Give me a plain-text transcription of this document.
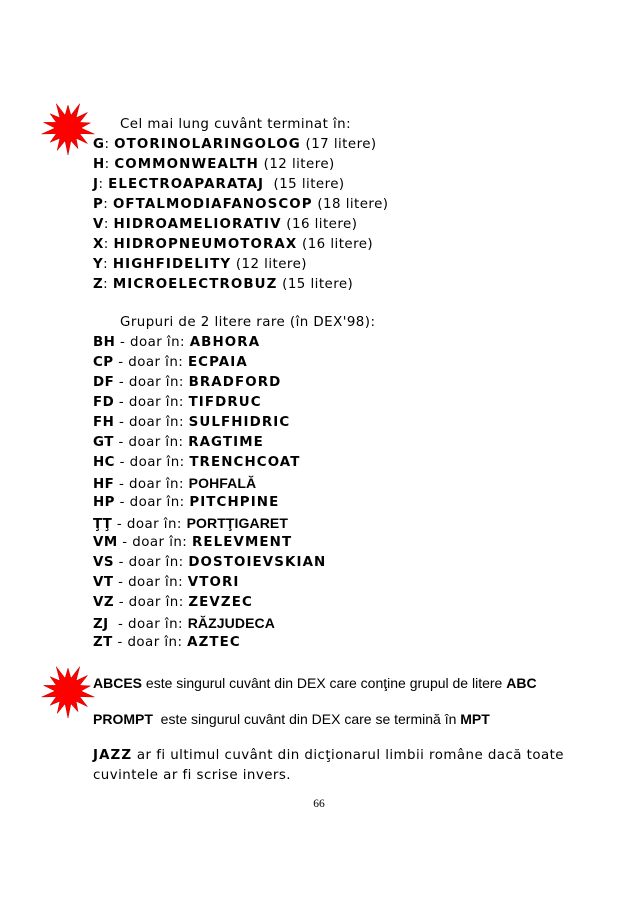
Cel mai lung cuvânt terminat în:
G: OTORINOLARINGOLOG (17 litere)
H: COMMONWEALTH (12 litere)
J: ELECTROAPARATAJ  (15 litere)
P: OFTALMODIAFANOSCOP (18 litere)
V: HIDROAMELIORATIV (16 litere)
X: HIDROPNEUMOTORAX (16 litere)
Y: HIGHFIDELITY (12 litere)
Z: MICROELECTROBUZ (15 litere)
Grupuri de 2 litere rare (în DEX'98):
BH - doar în: ABHORA
CP - doar în: ECPAIA
DF - doar în: BRADFORD
FD - doar în: TIFDRUC
FH - doar în: SULFHIDRIC
GT - doar în: RAGTIME
HC - doar în: TRENCHCOAT
HF - doar în: POHFALĂ
HP - doar în: PITCHPINE
ŢŢ - doar în: PORTŢIGARET
VM - doar în: RELEVMENT
VS - doar în: DOSTOIEVSKIAN
VT - doar în: VTORI
VZ - doar în: ZEVZEC
ZJ  - doar în: RĂZJUDECA
ZT - doar în: AZTEC
ABCES este singurul cuvânt din DEX care conţine grupul de litere ABC
PROMPT  este singurul cuvânt din DEX care se termină în MPT
JAZZ ar fi ultimul cuvânt din dicţionarul limbii române dacă toate
cuvintele ar fi scrise invers.
66
